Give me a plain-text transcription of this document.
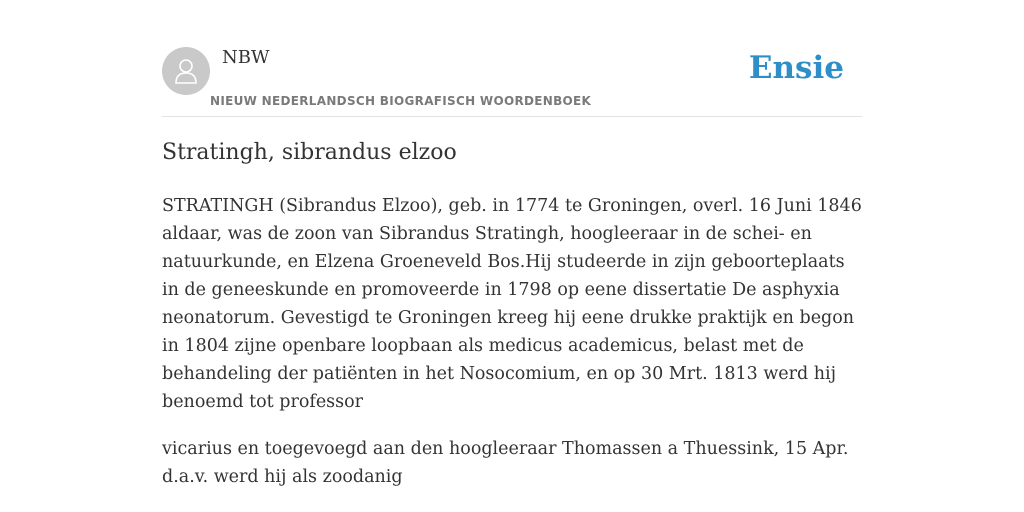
NBW
NIEUW NEDERLANDSCH BIOGRAFISCH WOORDENBOEK
Ensie
Stratingh, sibrandus elzoo

STRATINGH (Sibrandus Elzoo), geb. in 1774 te Groningen, overl. 16 Juni 1846 aldaar, was de zoon van Sibrandus Stratingh, hoogleeraar in de schei- en natuurkunde, en Elzena Groeneveld Bos.Hij studeerde in zijn geboorteplaats in de geneeskunde en promoveerde in 1798 op eene dissertatie De asphyxia neonatorum. Gevestigd te Groningen kreeg hij eene drukke praktijk en begon in 1804 zijne openbare loopbaan als medicus academicus, belast met de behandeling der patiënten in het Nosocomium, en op 30 Mrt. 1813 werd hij benoemd tot professor

vicarius en toegevoegd aan den hoogleeraar Thomassen a Thuessink, 15 Apr. d.a.v. werd hij als zoodanig
